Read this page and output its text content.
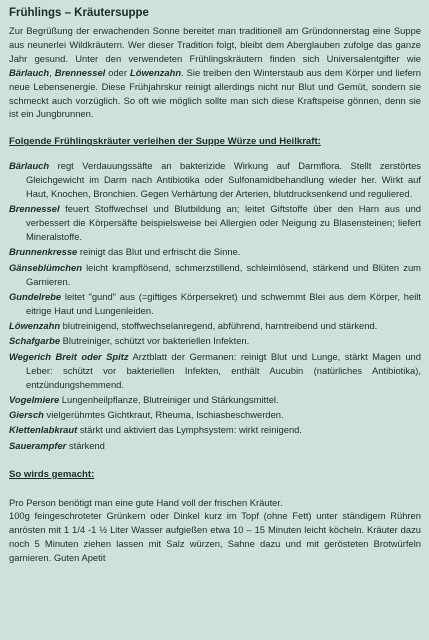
Frühlings – Kräutersuppe

Zur Begrüßung der erwachenden Sonne bereitet man traditionell am Gründonnerstag eine Suppe aus neunerlei Wildkräutern. Wer dieser Tradition folgt, bleibt dem Aberglauben zufolge das ganze Jahr gesund. Unter den verwendeten Frühlingskräutern finden sich Universalentgifter wie Bärlauch, Brennessel oder Löwenzahn. Sie treiben den Winterstaub aus dem Körper und liefern neue Lebensenergie. Diese Frühjahrskur reinigt allerdings nicht nur Blut und Gemüt, sondern sie schmeckt auch vorzüglich. So oft wie möglich sollte man sich diese Kraftspeise gönnen, denn sie ist ein Jungbrunnen.

Folgende Frühlingskräuter verleihen der Suppe Würze und Heilkraft:

Bärlauch regt Verdauungssäfte an bakterizide Wirkung auf Darmflora. Stellt zerstörtes Gleichgewicht im Darm nach Antibiotika oder Sulfonamidbehandlung wieder her. Wirkt auf Haut, Knochen, Bronchien. Gegen Verhärtung der Arterien, blutdrucksenkend und reguliered.

Brennessel feuert Stoffwechsel und Blutbildung an; leitet Giftstoffe über den Harn aus und verbessert die Körpersäfte beispielsweise bei Allergien oder Neigung zu Blasensteinen; liefert Mineralstoffe.

Brunnenkresse reinigt das Blut und erfrischt die Sinne.

Gänseblümchen leicht krampflösend, schmerzstillend, schleimlösend, stärkend und Blüten zum Garnieren.

Gundelrebe leitet "gund" aus (=giftiges Körpersekret) und schwemmt Blei aus dem Körper, heilt eitrige Haut und Lungenleiden.

Löwenzahn blutreinigend, stoffwechselanregend, abführend, harntreibend und stärkend.

Schafgarbe Blutreiniger, schützt vor bakteriellen Infekten.

Wegerich Breit oder Spitz Arztblatt der Germanen: reinigt Blut und Lunge, stärkt Magen und Leber: schützt vor bakteriellen Infekten, enthält Aucubin (natürliches Antibiotika), entzündungshemmend.

Vogelmiere Lungenheilpflanze, Blutreiniger und Stärkungsmittel.

Giersch vielgerühmtes Gichtkraut, Rheuma, Ischiasbeschwerden.

Klettenlabkraut stärkt und aktiviert das Lymphsystem: wirkt reinigend.

Sauerampfer stärkend

So wirds gemacht:

Pro Person benötigt man eine gute Hand voll der frischen Kräuter.

100g feingeschroteter Grünkern oder Dinkel kurz im Topf (ohne Fett) unter ständigem Rühren anrösten mit 1 1/4 -1 ½ Liter Wasser aufgießen etwa 10 – 15 Minuten leicht köcheln. Kräuter dazu noch 5 Minuten ziehen lassen mit Salz würzen, Sahne dazu und mit gerösteten Brotwürfeln garnieren. Guten Apetit
